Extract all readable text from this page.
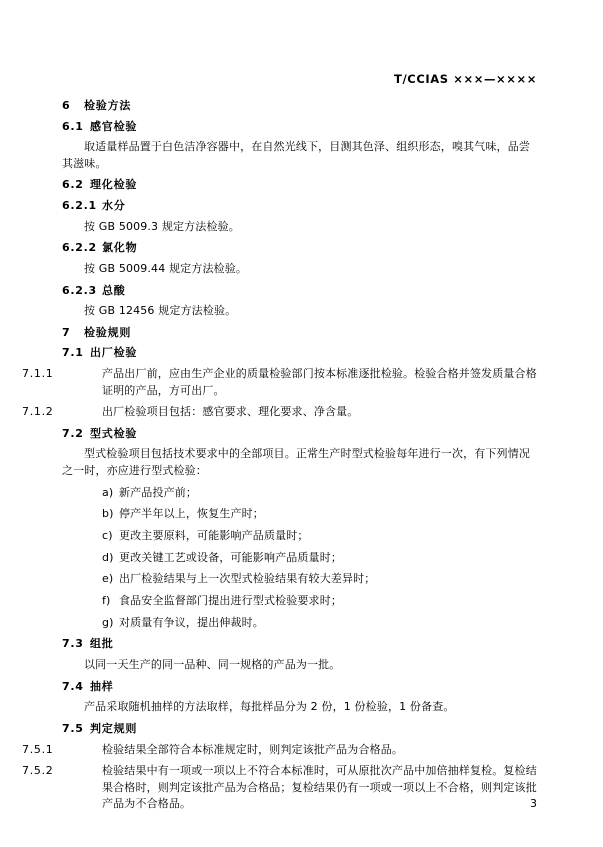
T/CCIAS ×××—××××
6 检验方法
6.1 感官检验
取适量样品置于白色洁净容器中，在自然光线下，目测其色泽、组织形态，嗅其气味，品尝其滋味。
6.2 理化检验
6.2.1 水分
按 GB 5009.3 规定方法检验。
6.2.2 氯化物
按 GB 5009.44 规定方法检验。
6.2.3 总酸
按 GB 12456 规定方法检验。
7 检验规则
7.1 出厂检验
7.1.1	产品出厂前，应由生产企业的质量检验部门按本标准逐批检验。检验合格并签发质量合格证明的产品，方可出厂。
7.1.2	出厂检验项目包括：感官要求、理化要求、净含量。
7.2 型式检验
型式检验项目包括技术要求中的全部项目。正常生产时型式检验每年进行一次，有下列情况之一时，亦应进行型式检验：
a) 新产品投产前；
b) 停产半年以上，恢复生产时；
c) 更改主要原料，可能影响产品质量时；
d) 更改关键工艺或设备，可能影响产品质量时；
e) 出厂检验结果与上一次型式检验结果有较大差异时；
f) 食品安全监督部门提出进行型式检验要求时；
g) 对质量有争议，提出伸裁时。
7.3 组批
以同一天生产的同一品种、同一规格的产品为一批。
7.4 抽样
产品采取随机抽样的方法取样，每批样品分为 2 份，1 份检验，1 份备查。
7.5 判定规则
7.5.1	检验结果全部符合本标准规定时，则判定该批产品为合格品。
7.5.2	检验结果中有一项或一项以上不符合本标准时，可从原批次产品中加倍抽样复检。复检结果合格时，则判定该批产品为合格品；复检结果仍有一项或一项以上不合格，则判定该批产品为不合格品。	3
